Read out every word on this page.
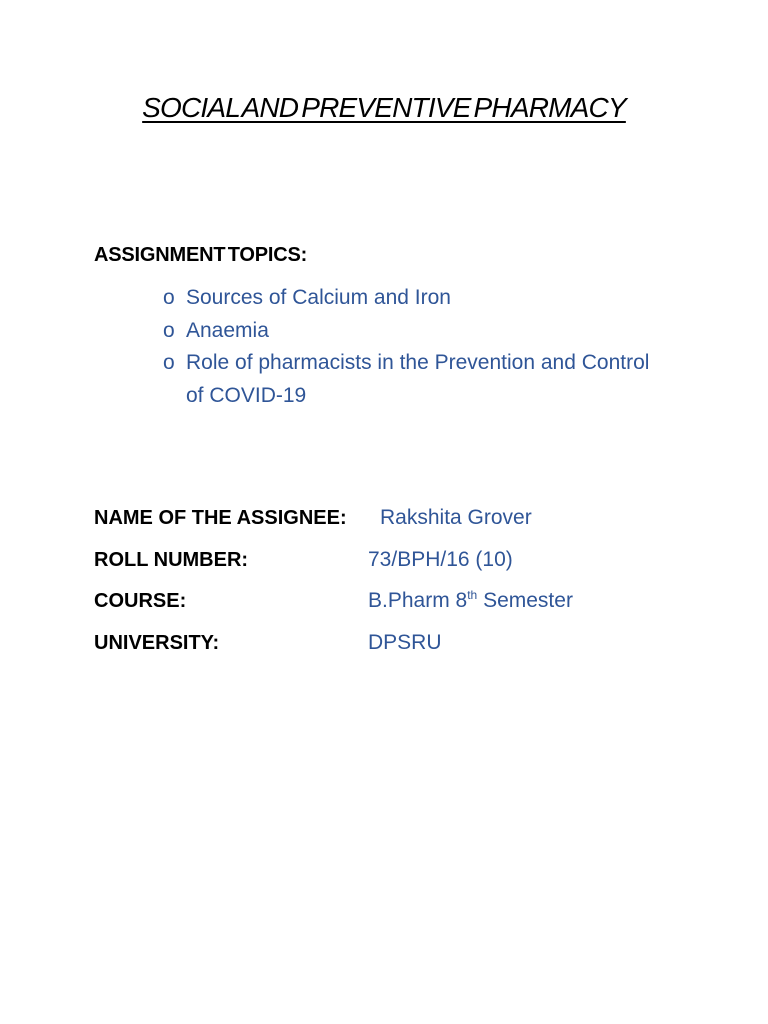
SOCIAL AND PREVENTIVE PHARMACY
ASSIGNMENT TOPICS:
o Sources of Calcium and Iron
o Anaemia
o Role of pharmacists in the Prevention and Control of COVID-19
NAME OF THE ASSIGNEE: Rakshita Grover
ROLL NUMBER:	73/BPH/16 (10)
COURSE:	B.Pharm 8th Semester
UNIVERSITY:	DPSRU
